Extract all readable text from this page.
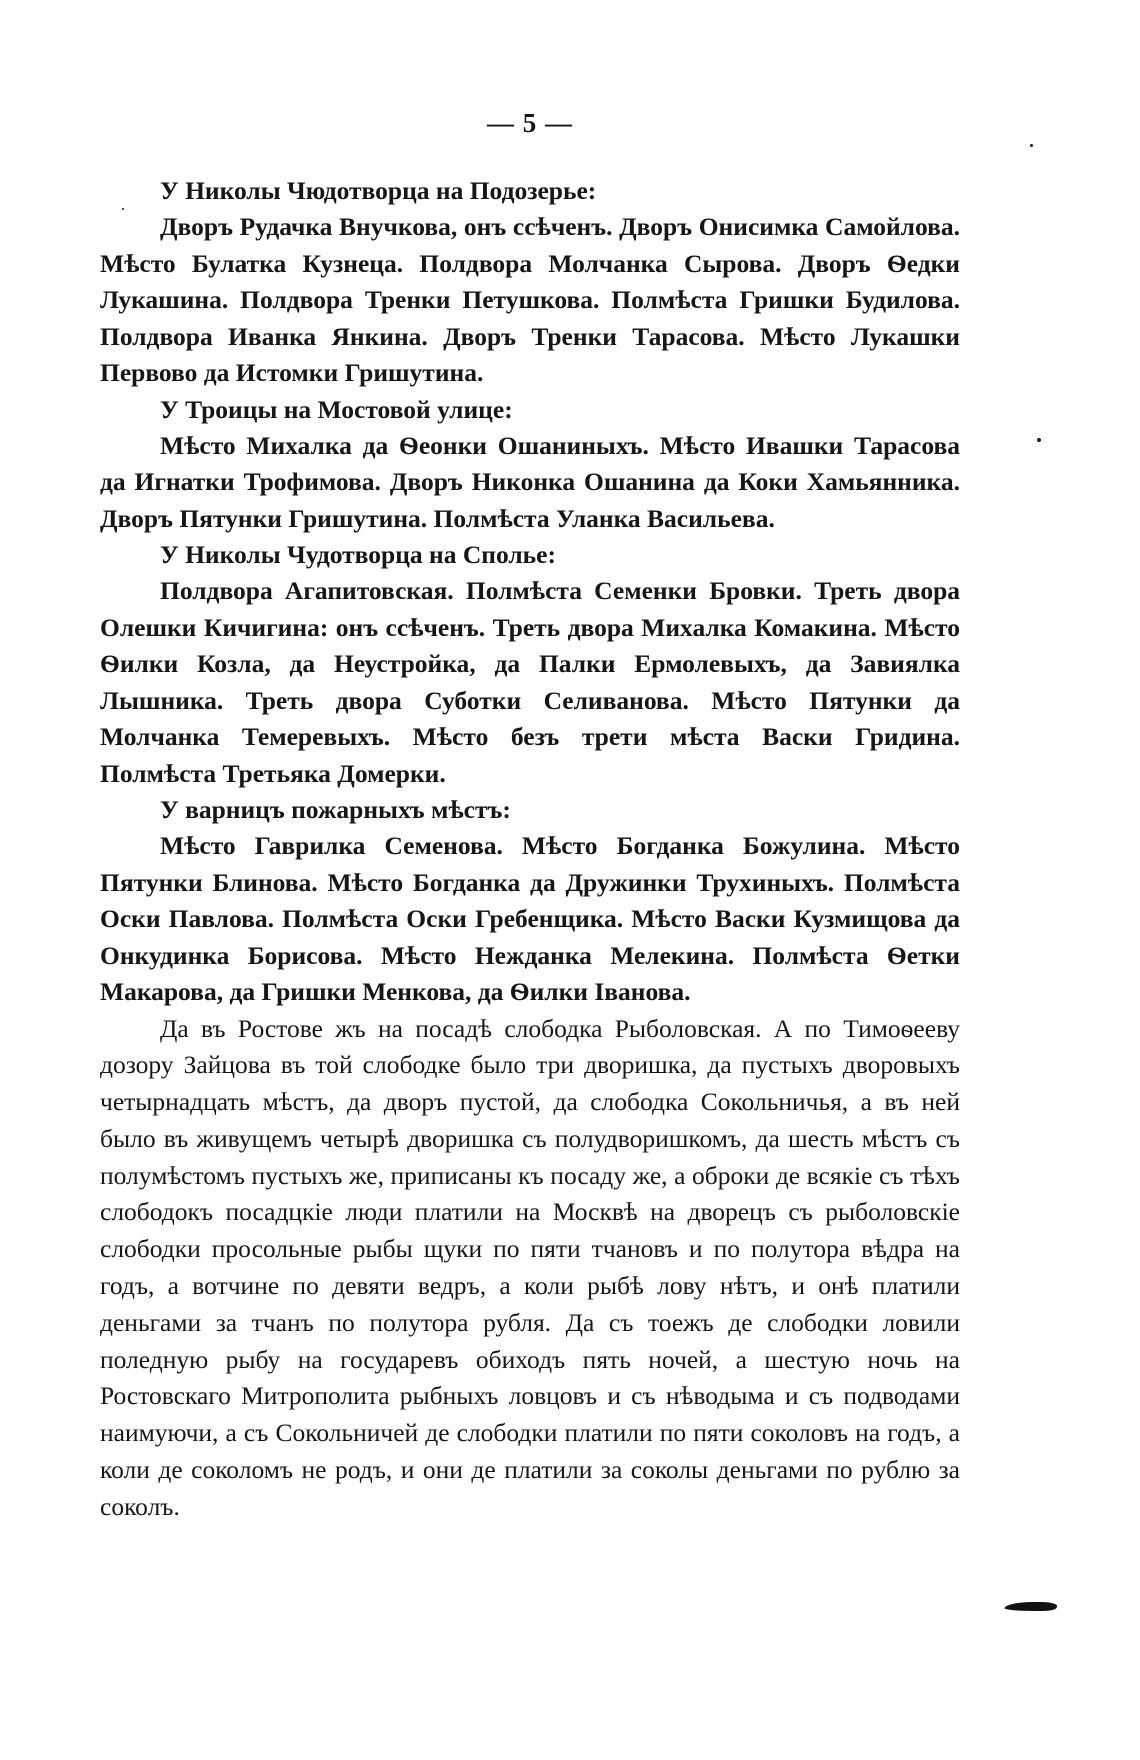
— 5 —

У Николы Чюдотворца на Подозерье:

Дворъ Рудачка Внучкова, онъ ссѣченъ. Дворъ Онисимка Самойлова. Мѣсто Булатка Кузнеца. Полдвора Молчанка Сырова. Дворъ Ѳедки Лукашина. Полдвора Тренки Петушкова. Полмѣста Гришки Будилова. Полдвора Иванка Янкина. Дворъ Тренки Тарасова. Мѣсто Лукашки Первово да Истомки Гришутина.

У Троицы на Мостовой улице:

Мѣсто Михалка да Ѳеонки Ошаниныхъ. Мѣсто Ивашки Тарасова да Игнатки Трофимова. Дворъ Никонка Ошанина да Коки Хамьянника. Дворъ Пятунки Гришутина. Полмѣста Уланка Васильева.

У Николы Чудотворца на Сполье:

Полдвора Агапитовская. Полмѣста Семенки Бровки. Треть двора Олешки Кичигина: онъ ссѣченъ. Треть двора Михалка Комакина. Мѣсто Ѳилки Козла, да Неустройка, да Палки Ермолевыхъ, да Завиялка Лышника. Треть двора Суботки Селиванова. Мѣсто Пятунки да Молчанка Темеревыхъ. Мѣсто безъ трети мѣста Васки Гридина. Полмѣста Третьяка Домерки.

У варницъ пожарныхъ мѣстъ:

Мѣсто Гаврилка Семенова. Мѣсто Богданка Божулина. Мѣсто Пятунки Блинова. Мѣсто Богданка да Дружинки Трухиныхъ. Полмѣста Оски Павлова. Полмѣста Оски Гребенщика. Мѣсто Васки Кузмищова да Онкудинка Борисова. Мѣсто Нежданка Мелекина. Полмѣста Ѳетки Макарова, да Гришки Менкова, да Ѳилки Іванова.

Да въ Ростове жъ на посадѣ слободка Рыболовская. А по Тимоѳееву дозору Зайцова въ той слободке было три дворишка, да пустыхъ дворовыхъ четырнадцать мѣстъ, да дворъ пустой, да слободка Сокольничья, а въ ней было въ живущемъ четырѣ дворишка съ полудворишкомъ, да шесть мѣстъ съ полумѣстомъ пустыхъ же, приписаны къ посаду же, а оброки де всякіе съ тѣхъ слободокъ посадцкіе люди платили на Москвѣ на дворецъ съ рыболовскіе слободки просольные рыбы щуки по пяти тчановъ и по полутора вѣдра на годъ, а вотчине по девяти ведръ, а коли рыбѣ лову нѣтъ, и онѣ платили деньгами за тчанъ по полутора рубля. Да съ тоежъ де слободки ловили поледную рыбу на государевъ обиходъ пять ночей, а шестую ночь на Ростовскаго Митрополита рыбныхъ ловцовъ и съ нѣводыма и съ подводами наимуючи, а съ Сокольничей де слободки платили по пяти соколовъ на годъ, а коли де соколомъ не родъ, и они де платили за соколы деньгами по рублю за соколъ.
